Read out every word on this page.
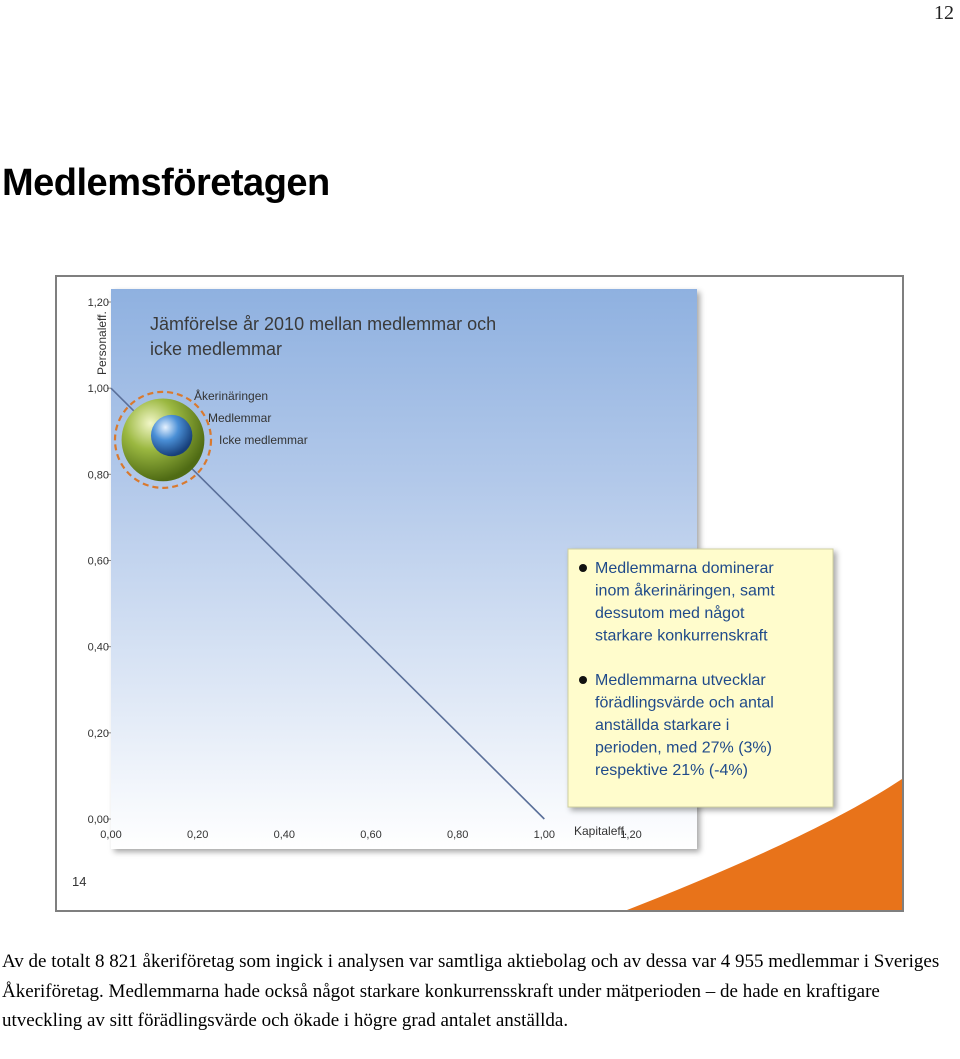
12
Medlemsföretagen
0,00
0,20
0,40
0,60
0,80
1,00
1,20
0,00	0,20	0,40	0,60	0,80	1,00	1,20
Jämförelse år 2010 mellan medlemmar och
icke medlemmar
Personaleff.
Kapitaleff.
Åkerinäringen
Medlemmar
Icke medlemmar
Medlemmarna dominerar
inom åkerinäringen, samt
dessutom med något
starkare konkurrenskraft
Medlemmarna utvecklar
förädlingsvärde och antal
anställda starkare i
perioden, med 27% (3%)
respektive 21% (-4%)
14

Av de totalt 8 821 åkeriföretag som ingick i analysen var samtliga aktiebolag och av dessa var 4 955 medlemmar i Sveriges Åkeriföretag. Medlemmarna hade också något starkare konkurrensskraft under mätperioden – de hade en kraftigare utveckling av sitt förädlingsvärde och ökade i högre grad antalet anställda.
